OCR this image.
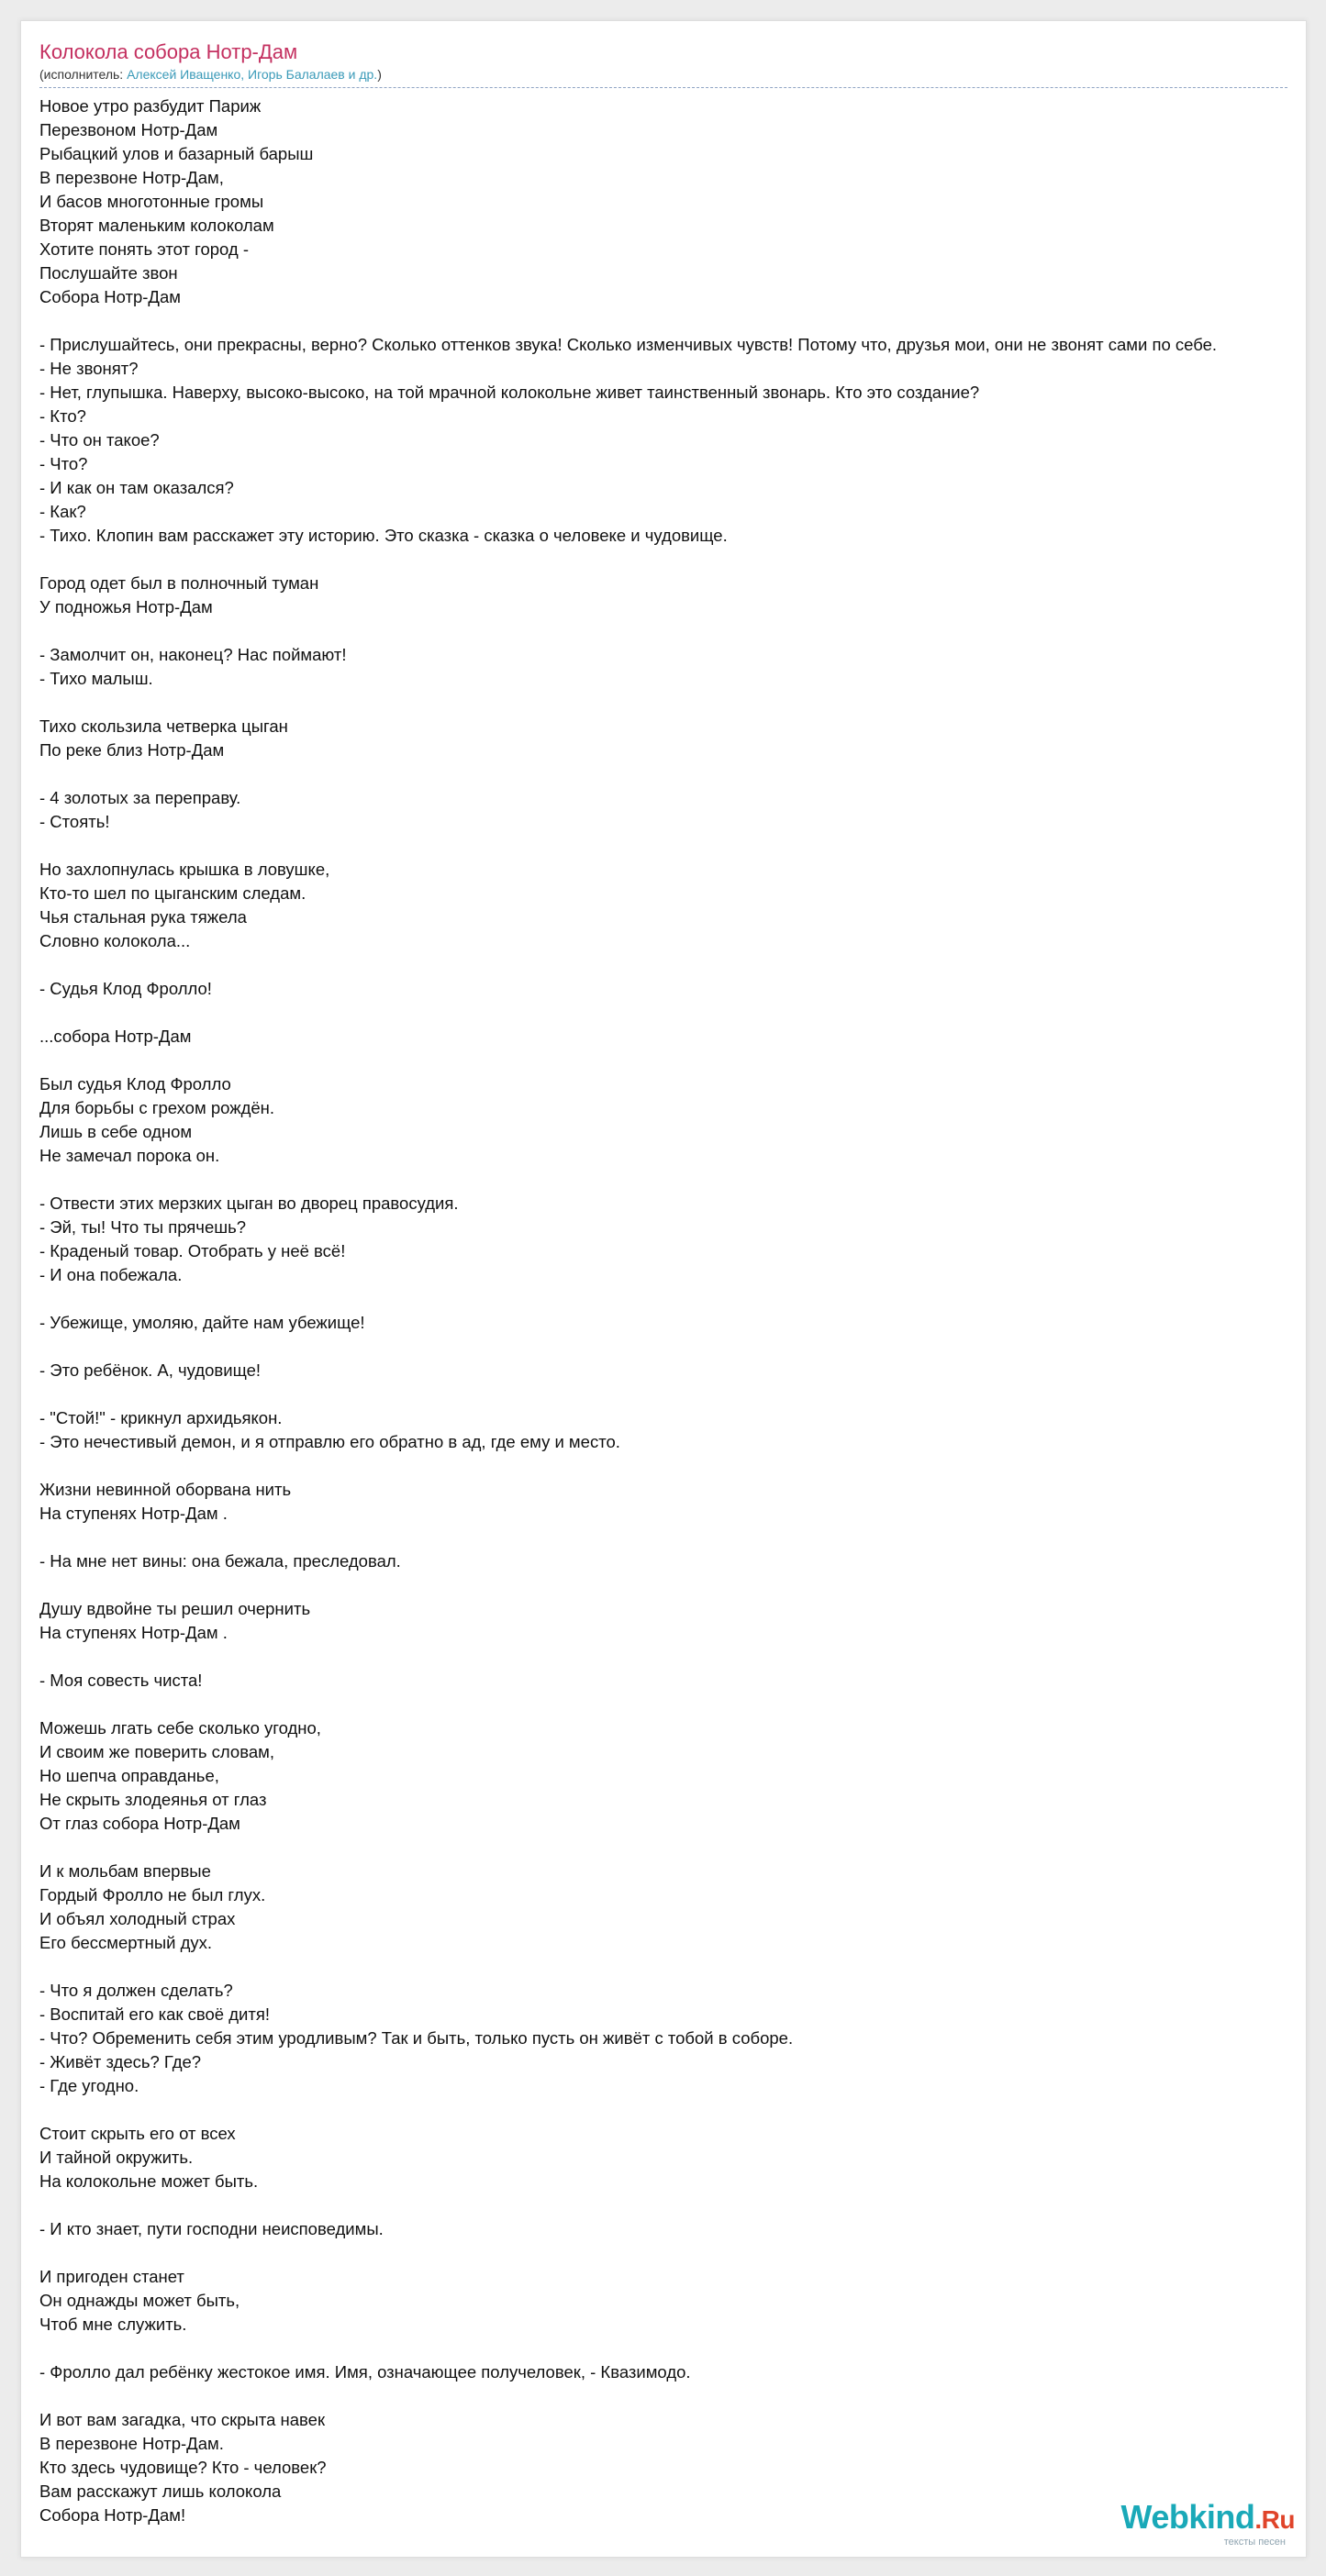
Колокола собора Нотр-Дам
(исполнитель: Алексей Иващенко, Игорь Балалаев и др.)
Новое утро разбудит Париж
Перезвоном Нотр-Дам
Рыбацкий улов и базарный барыш
В перезвоне Нотр-Дам,
И басов многотонные громы
Вторят маленьким колоколам
Хотите понять этот город -
Послушайте звон
Собора Нотр-Дам
- Прислушайтесь, они прекрасны, верно? Сколько оттенков звука! Сколько изменчивых чувств! Потому что, друзья мои, они не звонят сами по себе.
- Не звонят?
- Нет, глупышка. Наверху, высоко-высоко, на той мрачной колокольне живет таинственный звонарь. Кто это создание?
- Кто?
- Что он такое?
- Что?
- И как он там оказался?
- Как?
- Тихо. Клопин вам расскажет эту историю. Это сказка - сказка о человеке и чудовище.
Город одет был в полночный туман
У подножья Нотр-Дам
- Замолчит он, наконец? Нас поймают!
- Тихо малыш.
Тихо скользила четверка цыган
По реке близ Нотр-Дам
- 4 золотых за переправу.
- Стоять!
Но захлопнулась крышка в ловушке,
Кто-то шел по цыганским следам.
Чья стальная рука тяжела
Словно колокола...
- Судья Клод Фролло!
...собора Нотр-Дам
Был судья Клод Фролло
Для борьбы с грехом рождён.
Лишь в себе одном
Не замечал порока он.
- Отвести этих мерзких цыган во дворец правосудия.
- Эй, ты! Что ты прячешь?
- Краденый товар. Отобрать у неё всё!
- И она побежала.
- Убежище, умоляю, дайте нам убежище!
- Это ребёнок. А, чудовище!
- "Стой!" - крикнул архидьякон.
- Это нечестивый демон, и я отправлю его обратно в ад, где ему и место.
Жизни невинной оборвана нить
На ступенях Нотр-Дам .
- На мне нет вины: она бежала, преследовал.
Душу вдвойне ты решил очернить
На ступенях Нотр-Дам .
- Моя совесть чиста!
Можешь лгать себе сколько угодно,
И своим же поверить словам,
Но шепча оправданье,
Не скрыть злодеянья от глаз
От глаз собора Нотр-Дам
И к мольбам впервые
Гордый Фролло не был глух.
И объял холодный страх
Его бессмертный дух.
- Что я должен сделать?
- Воспитай его как своё дитя!
- Что? Обременить себя этим уродливым? Так и быть, только пусть он живёт с тобой в соборе.
- Живёт здесь? Где?
- Где угодно.
Стоит скрыть его от всех
И тайной окружить.
На колокольне может быть.
- И кто знает, пути господни неисповедимы.
И пригоден станет
Он однажды может быть,
Чтоб мне служить.
- Фролло дал ребёнку жестокое имя. Имя, означающее получеловек, - Квазимодо.
И вот вам загадка, что скрыта навек
В перезвоне Нотр-Дам.
Кто здесь чудовище? Кто - человек?
Вам расскажут лишь колокола
Собора Нотр-Дам!	Webkind.Ru
тексты песен
